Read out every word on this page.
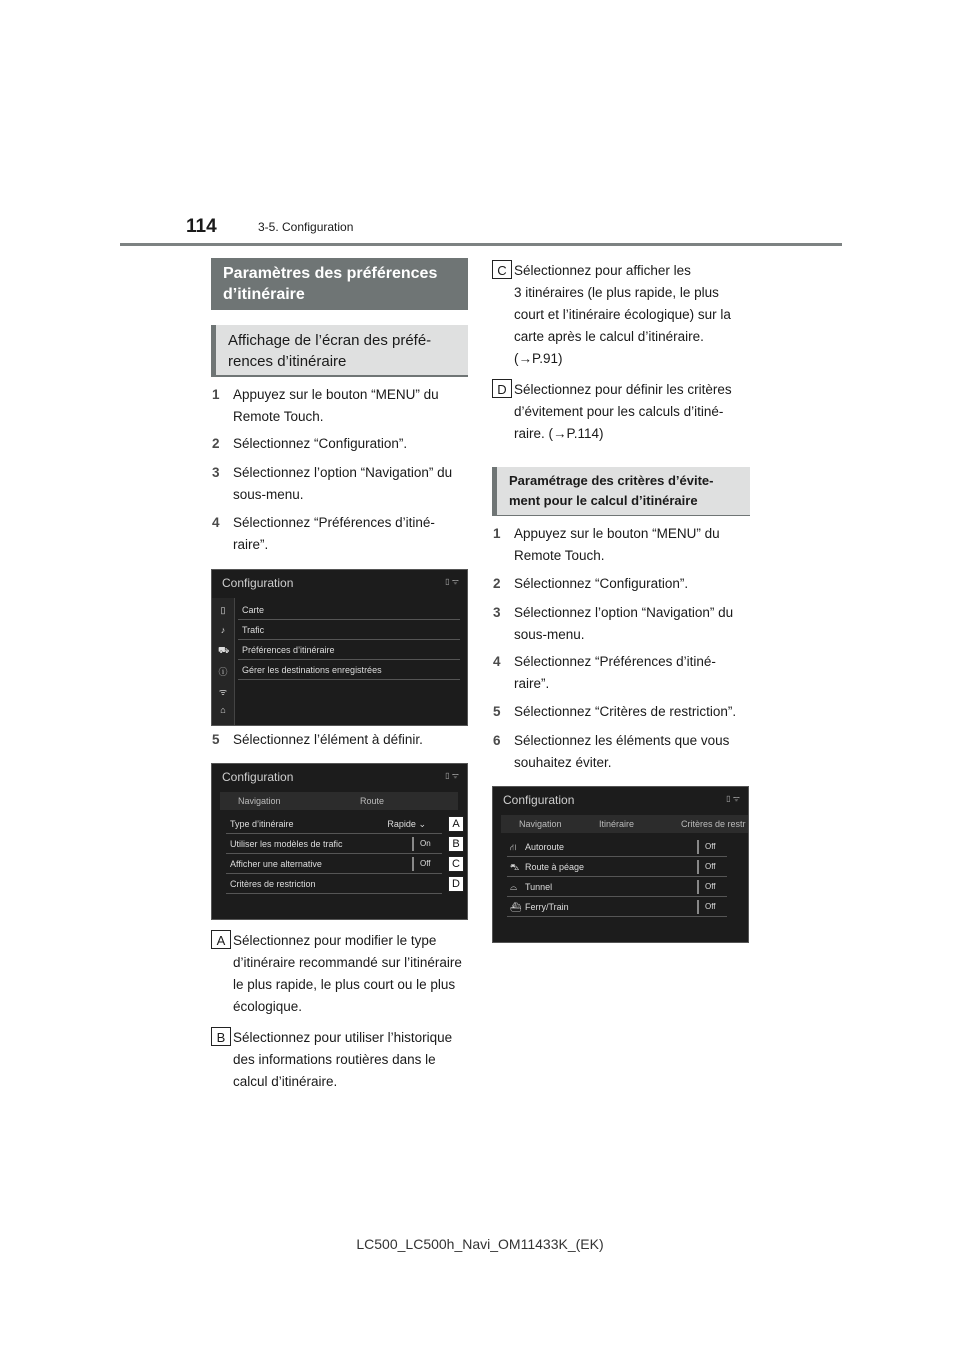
114	3-5. Configuration
Paramètres des préférences
d’itinéraire
Affichage de l’écran des préfé-
rences d’itinéraire
1 Appuyez sur le bouton “MENU” du
Remote Touch.
2 Sélectionnez “Configuration”.
3 Sélectionnez l’option “Navigation” du
sous-menu.
4 Sélectionnez “Préférences d’itiné-
raire”.
Configuration	▯ ᯤ
▯
♪
⛟
ⓘ
ᯤ
⌂
Carte
Trafic
Préférences d’itinéraire
Gérer les destinations enregistrées
5 Sélectionnez l’élément à définir.
Configuration	▯ ᯤ
Navigation	Route
Type d’itinéraire	Rapide ⌄
Utiliser les modèles de trafic	On
Afficher une alternative	Off
Critères de restriction
A
B
C
D
A Sélectionnez pour modifier le type
d’itinéraire recommandé sur l’itinéraire
le plus rapide, le plus court ou le plus
écologique.
B Sélectionnez pour utiliser l’historique
des informations routières dans le
calcul d’itinéraire.
C Sélectionnez pour afficher les
3 itinéraires (le plus rapide, le plus
court et l’itinéraire écologique) sur la
carte après le calcul d’itinéraire.
(→P.91)
D Sélectionnez pour définir les critères
d’évitement pour les calculs d’itiné-
raire. (→P.114)
Paramétrage des critères d’évite-
ment pour le calcul d’itinéraire
1 Appuyez sur le bouton “MENU” du
Remote Touch.
2 Sélectionnez “Configuration”.
3 Sélectionnez l’option “Navigation” du
sous-menu.
4 Sélectionnez “Préférences d’itiné-
raire”.
5 Sélectionnez “Critères de restriction”.
6 Sélectionnez les éléments que vous
souhaitez éviter.
Configuration	▯ ᯤ
Navigation	Itinéraire	Critères de restr
⛙ Autoroute	Off
⛍ Route à péage	Off
⌓ Tunnel	Off
⛴ Ferry/Train	Off
LC500_LC500h_Navi_OM11433K_(EK)
